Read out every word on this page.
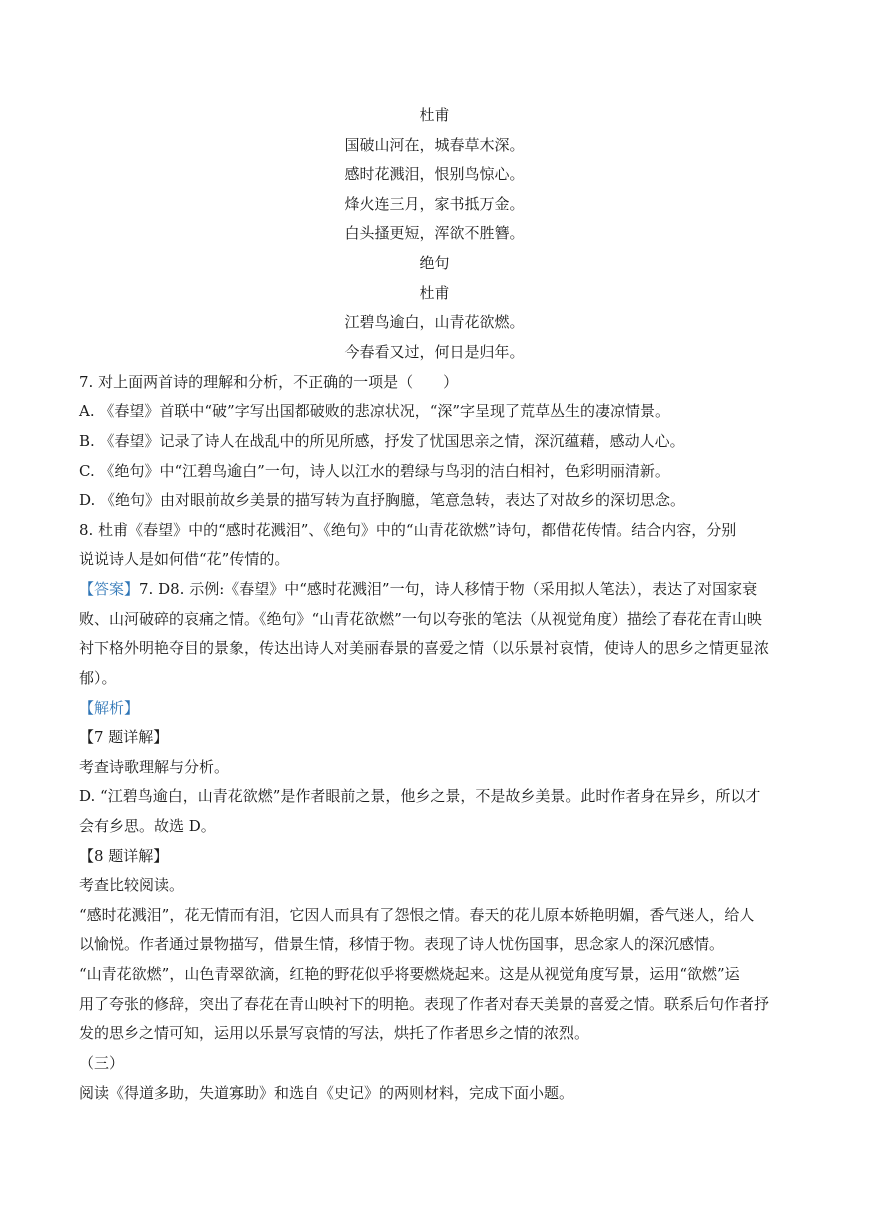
杜甫
国破山河在，城春草木深。
感时花溅泪，恨别鸟惊心。
烽火连三月，家书抵万金。
白头搔更短，浑欲不胜簪。
绝句
杜甫
江碧鸟逾白，山青花欲燃。
今春看又过，何日是归年。
7. 对上面两首诗的理解和分析，不正确的一项是（　　）
A. 《春望》首联中“破”字写出国都破败的悲凉状况，“深”字呈现了荒草丛生的凄凉情景。
B. 《春望》记录了诗人在战乱中的所见所感，抒发了忧国思亲之情，深沉蕴藉，感动人心。
C. 《绝句》中“江碧鸟逾白”一句，诗人以江水的碧绿与鸟羽的洁白相衬，色彩明丽清新。
D. 《绝句》由对眼前故乡美景的描写转为直抒胸臆，笔意急转，表达了对故乡的深切思念。
8. 杜甫《春望》中的“感时花溅泪”、《绝句》中的“山青花欲燃”诗句，都借花传情。结合内容，分别
说说诗人是如何借“花”传情的。
【答案】7. D8. 示例:《春望》中“感时花溅泪”一句，诗人移情于物（采用拟人笔法），表达了对国家衰
败、山河破碎的哀痛之情。《绝句》“山青花欲燃”一句以夸张的笔法（从视觉角度）描绘了春花在青山映
衬下格外明艳夺目的景象，传达出诗人对美丽春景的喜爱之情（以乐景衬哀情，使诗人的思乡之情更显浓
郁）。
【解析】
【7 题详解】
考查诗歌理解与分析。
D. “江碧鸟逾白，山青花欲燃”是作者眼前之景，他乡之景，不是故乡美景。此时作者身在异乡，所以才
会有乡思。故选 D。
【8 题详解】
考查比较阅读。
“感时花溅泪”，花无情而有泪，它因人而具有了怨恨之情。春天的花儿原本娇艳明媚，香气迷人，给人
以愉悦。作者通过景物描写，借景生情，移情于物。表现了诗人忧伤国事，思念家人的深沉感情。
“山青花欲燃”，山色青翠欲滴，红艳的野花似乎将要燃烧起来。这是从视觉角度写景，运用“欲燃”运
用了夸张的修辞，突出了春花在青山映衬下的明艳。表现了作者对春天美景的喜爱之情。联系后句作者抒
发的思乡之情可知，运用以乐景写哀情的写法，烘托了作者思乡之情的浓烈。
（三）
阅读《得道多助，失道寡助》和选自《史记》的两则材料，完成下面小题。
